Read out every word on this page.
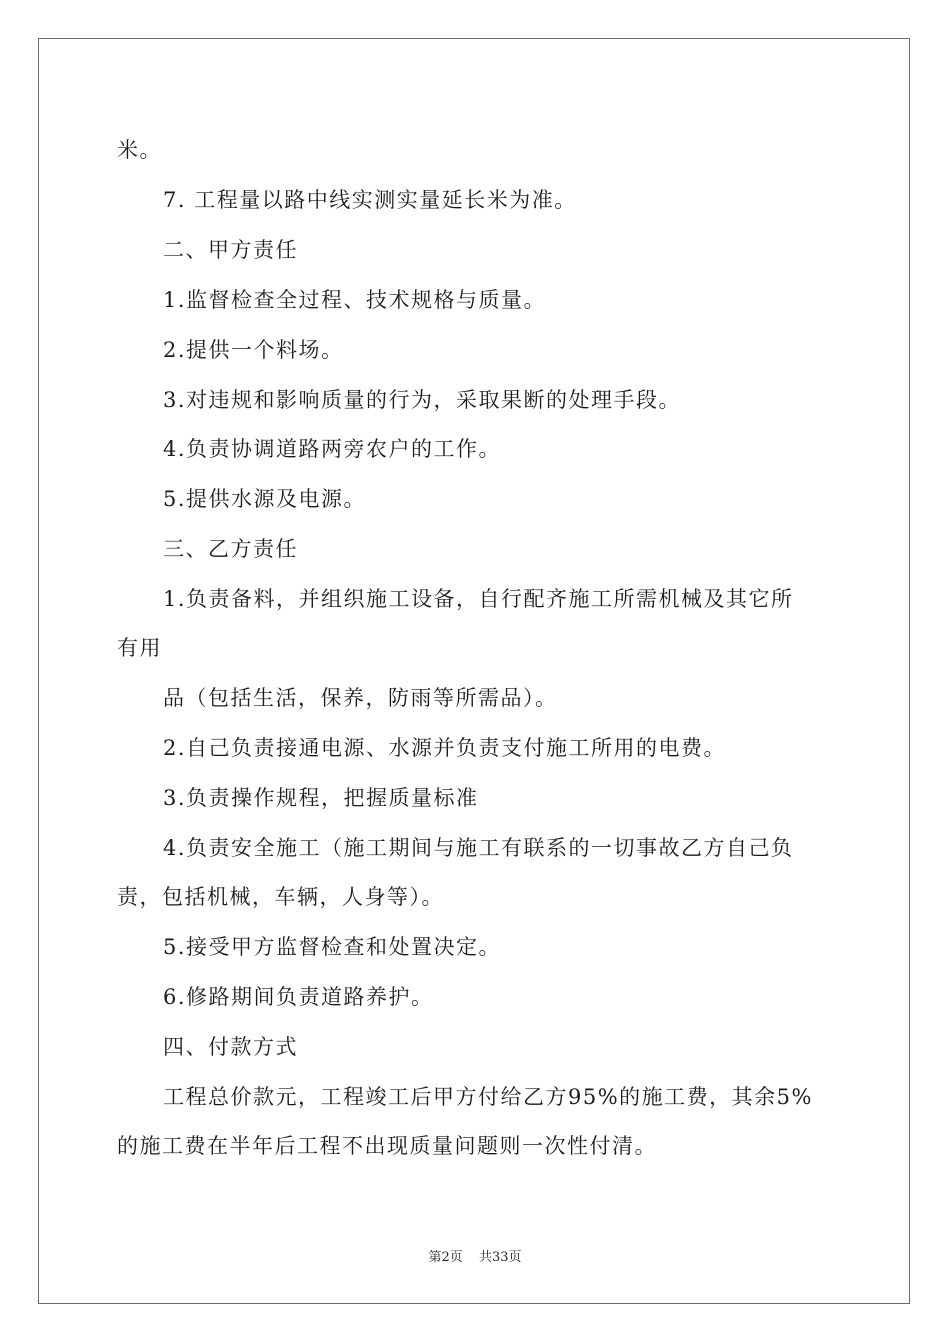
米。
7. 工程量以路中线实测实量延长米为准。
二、甲方责任
1.监督检查全过程、技术规格与质量。
2.提供一个料场。
3.对违规和影响质量的行为，采取果断的处理手段。
4.负责协调道路两旁农户的工作。
5.提供水源及电源。
三、乙方责任
1.负责备料，并组织施工设备，自行配齐施工所需机械及其它所
有用
品（包括生活，保养，防雨等所需品）。
2.自己负责接通电源、水源并负责支付施工所用的电费。
3.负责操作规程，把握质量标准
4.负责安全施工（施工期间与施工有联系的一切事故乙方自己负
责，包括机械，车辆，人身等）。
5.接受甲方监督检查和处置决定。
6.修路期间负责道路养护。
四、付款方式
工程总价款元，工程竣工后甲方付给乙方95%的施工费，其余5%
的施工费在半年后工程不出现质量问题则一次性付清。
第2页 共33页
